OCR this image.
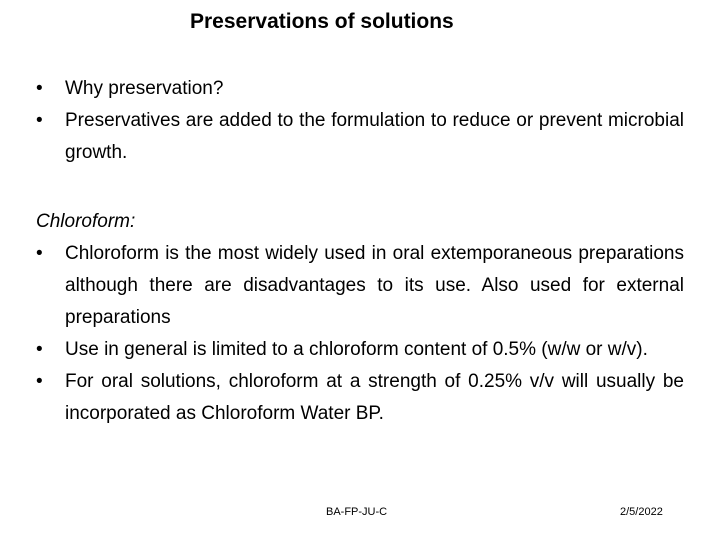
Preservations of solutions
•	Why preservation?
•	Preservatives are added to the formulation to reduce or prevent microbial growth.
Chloroform:
•	Chloroform is the most widely used in oral extemporaneous preparations although there are disadvantages to its use. Also used for external preparations
•	Use in general is limited to a chloroform content of 0.5% (w/w or w/v).
•	For oral solutions, chloroform at a strength of 0.25% v/v will usually be incorporated as Chloroform Water BP.
BA-FP-JU-C	2/5/2022
